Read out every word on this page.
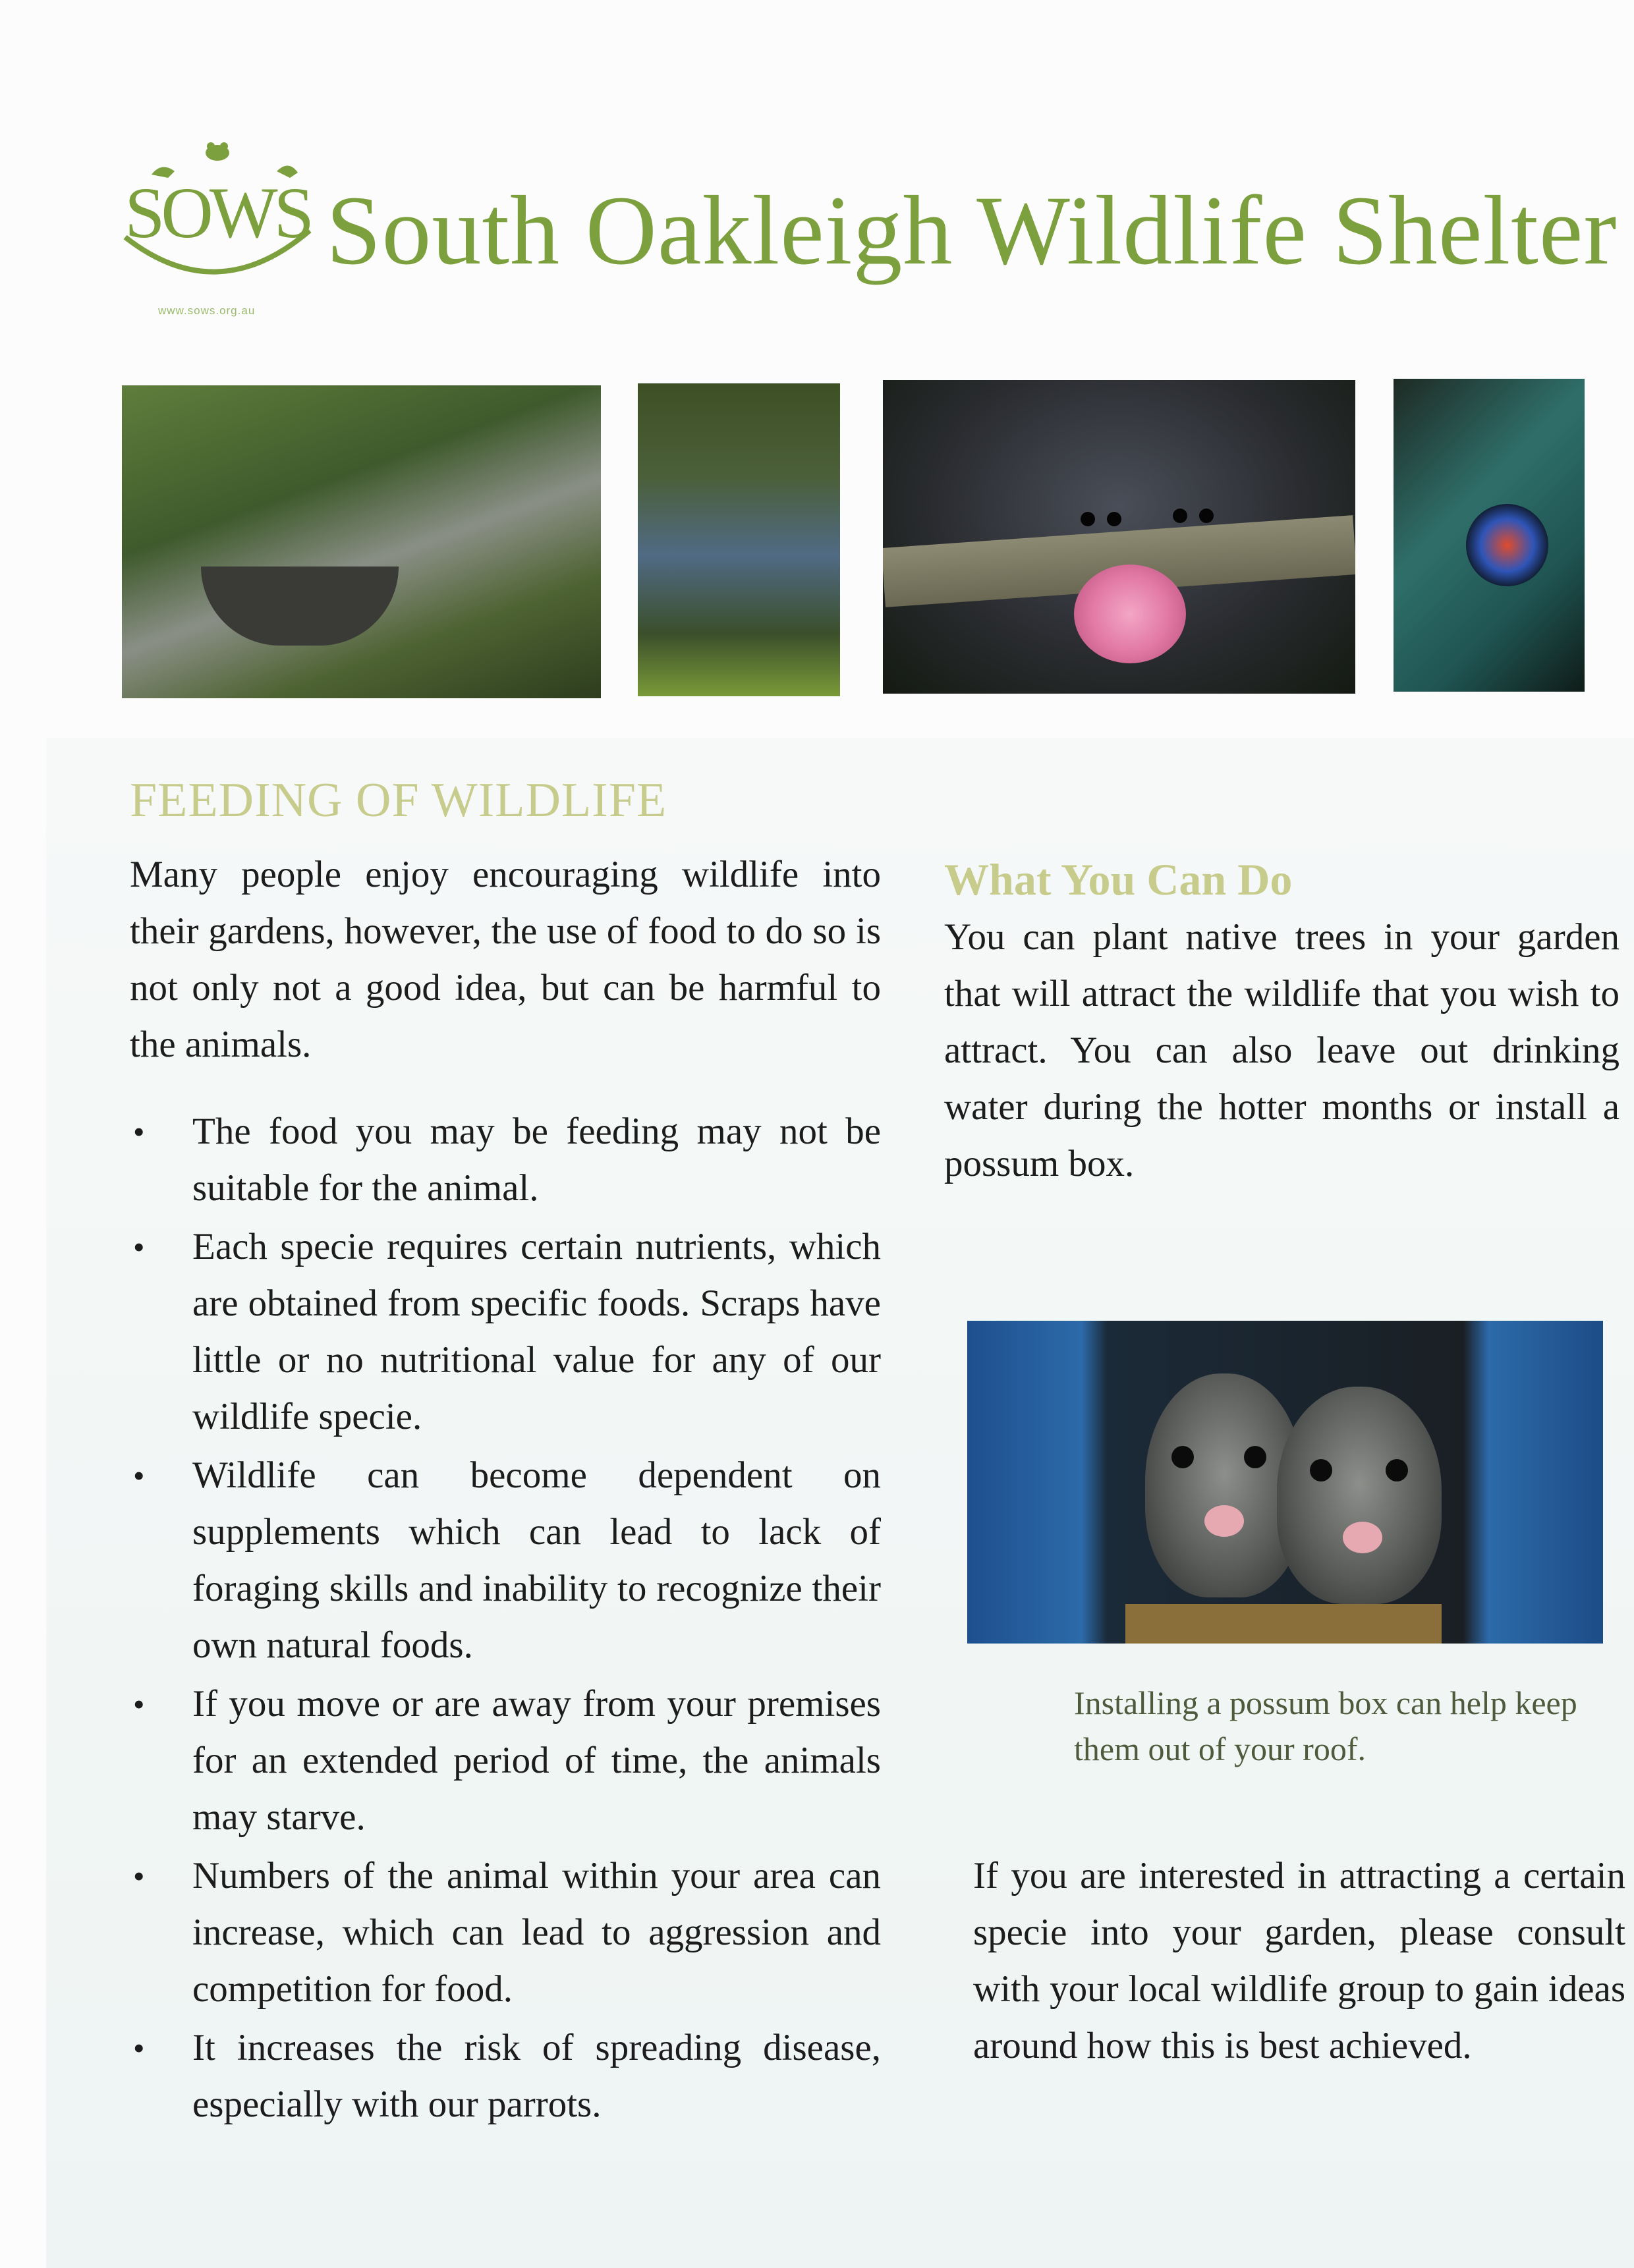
SOWS South Oakleigh Wildlife Shelter
www.sows.org.au
FEEDING OF WILDLIFE

Many people enjoy encouraging wildlife into their gardens, however, the use of food to do so is not only not a good idea, but can be harmful to the animals.

• The food you may be feeding may not be suitable for the animal.
• Each specie requires certain nutrients, which are obtained from specific foods. Scraps have little or no nutritional value for any of our wildlife specie.
• Wildlife can become dependent on supplements which can lead to lack of foraging skills and inability to recognize their own natural foods.
• If you move or are away from your premises for an extended period of time, the animals may starve.
• Numbers of the animal within your area can increase, which can lead to aggression and competition for food.
• It increases the risk of spreading disease, especially with our parrots.
What You Can Do

You can plant native trees in your garden that will attract the wildlife that you wish to attract. You can also leave out drinking water during the hotter months or install a possum box.

Installing a possum box can help keep them out of your roof.

If you are interested in attracting a certain specie into your garden, please consult with your local wildlife group to gain ideas around how this is best achieved.
